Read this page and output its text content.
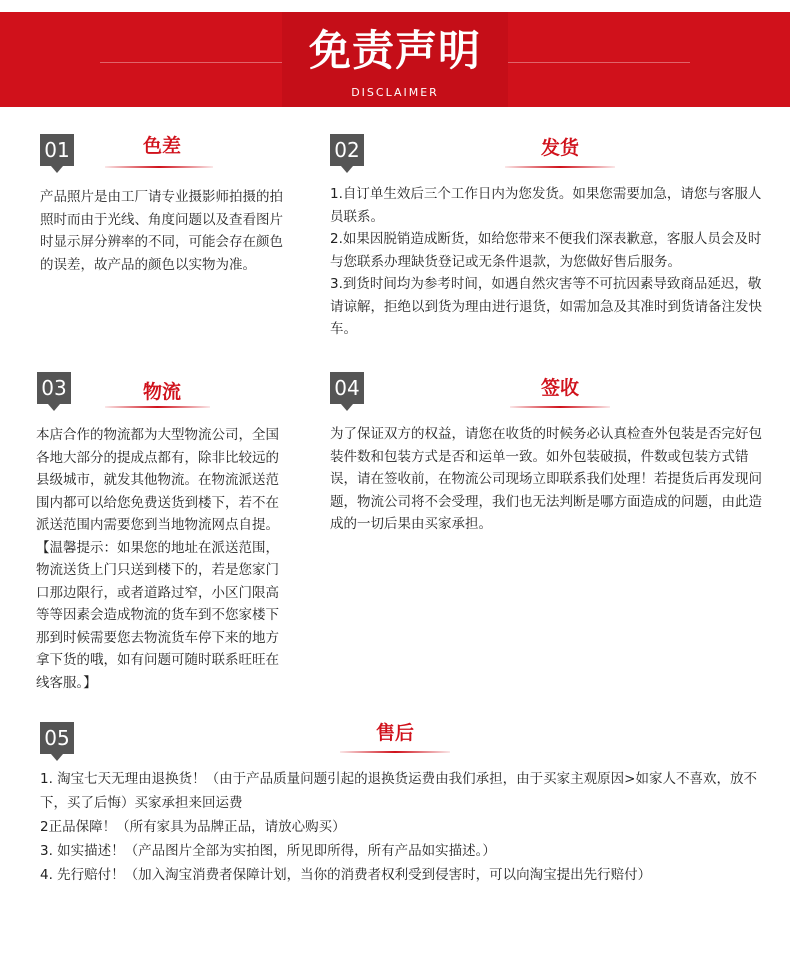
免责声明
DISCLAIMER
01	色差

产品照片是由工厂请专业摄影师拍摄的拍照时而由于光线、角度问题以及查看图片时显示屏分辨率的不同，可能会存在颜色的误差，故产品的颜色以实物为准。

02	发货

1.自订单生效后三个工作日内为您发货。如果您需要加急，请您与客服人员联系。

2.如果因脱销造成断货，如给您带来不便我们深表歉意，客服人员会及时与您联系办理缺货登记或无条件退款，为您做好售后服务。

3.到货时间均为参考时间，如遇自然灾害等不可抗因素导致商品延迟，敬请谅解，拒绝以到货为理由进行退货，如需加急及其准时到货请备注发快车。

03	物流

本店合作的物流都为大型物流公司，全国各地大部分的提成点都有，除非比较远的县级城市，就发其他物流。在物流派送范围内都可以给您免费送货到楼下，若不在派送范围内需要您到当地物流网点自提。

【温馨提示：如果您的地址在派送范围，物流送货上门只送到楼下的，若是您家门口那边限行，或者道路过窄，小区门限高等等因素会造成物流的货车到不您家楼下那到时候需要您去物流货车停下来的地方拿下货的哦，如有问题可随时联系旺旺在线客服。】

04	签收

为了保证双方的权益，请您在收货的时候务必认真检查外包装是否完好包装件数和包装方式是否和运单一致。如外包装破损，件数或包装方式错误，请在签收前，在物流公司现场立即联系我们处理！若提货后再发现问题，物流公司将不会受理，我们也无法判断是哪方面造成的问题，由此造成的一切后果由买家承担。

05	售后

1. 淘宝七天无理由退换货！（由于产品质量问题引起的退换货运费由我们承担，由于买家主观原因>如家人不喜欢，放不下，买了后悔）买家承担来回运费

2正品保障！（所有家具为品牌正品，请放心购买）

3. 如实描述！（产品图片全部为实拍图，所见即所得，所有产品如实描述。）

4. 先行赔付！（加入淘宝消费者保障计划，当你的消费者权利受到侵害时，可以向淘宝提出先行赔付）
